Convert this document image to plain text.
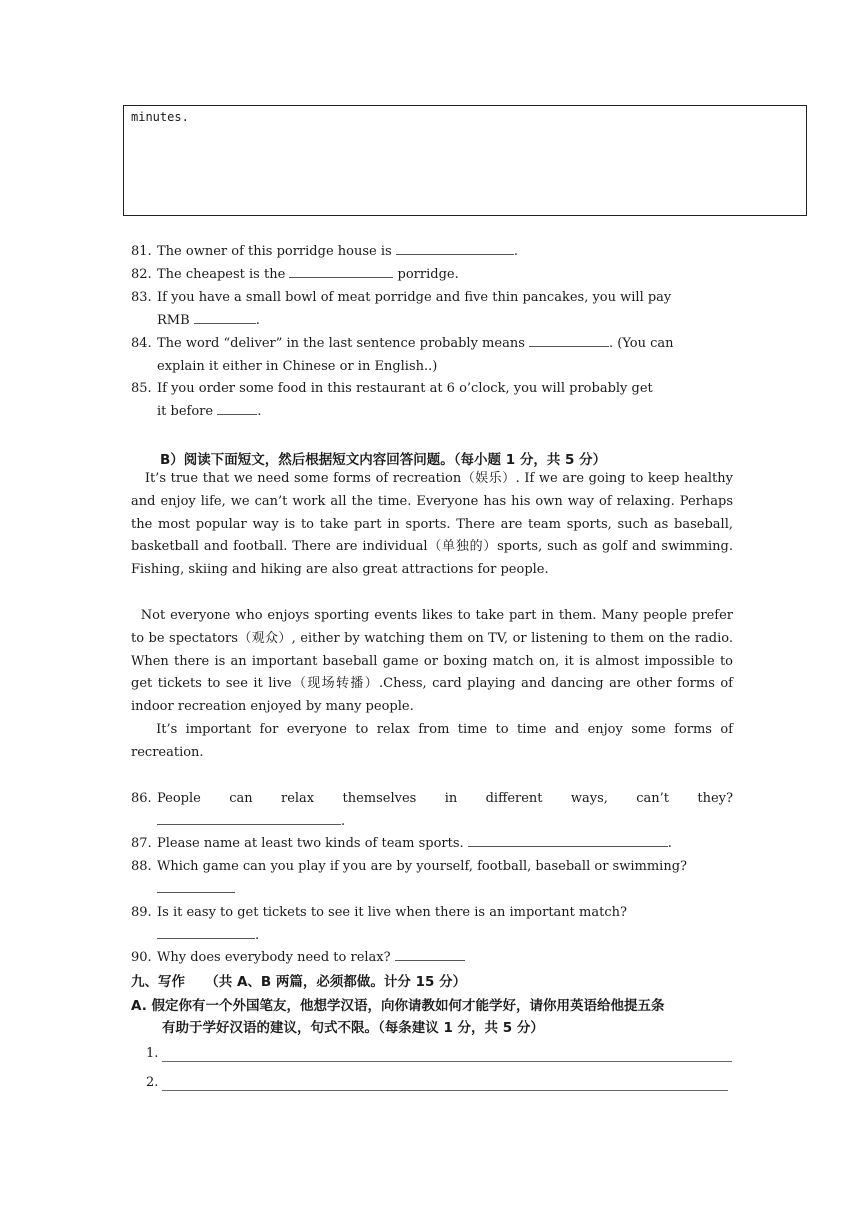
minutes.
81. The owner of this porridge house is	.
82. The cheapest is the	porridge.
83. If you have a small bowl of meat porridge and five thin pancakes, you will pay
RMB	.
84. The word “deliver” in the last sentence probably means	. (You can
explain it either in Chinese or in English..)
85. If you order some food in this restaurant at 6 o’clock, you will probably get
it before	.
B）阅读下面短文，然后根据短文内容回答问题。（每小题 1 分，共 5 分）
It’s true that we need some forms of recreation（娱乐）. If we are going to keep healthy and enjoy life, we can’t work all the time. Everyone has his own way of relaxing. Perhaps the most popular way is to take part in sports. There are team sports, such as baseball, basketball and football. There are individual（单独的）sports, such as golf and swimming. Fishing, skiing and hiking are also great attractions for people.
Not everyone who enjoys sporting events likes to take part in them. Many people prefer to be spectators（观众）, either by watching them on TV, or listening to them on the radio. When there is an important baseball game or boxing match on, it is almost impossible to get tickets to see it live（现场转播）.Chess, card playing and dancing are other forms of indoor recreation enjoyed by many people.
It’s important for everyone to relax from time to time and enjoy some forms of recreation.
86. People can relax themselves in different ways, can’t they?
.
87. Please name at least two kinds of team sports.	.
88. Which game can you play if you are by yourself, football, baseball or swimming?
89. Is it easy to get tickets to see it live when there is an important match?
.
90. Why does everybody need to relax?
九、写作　　（共 A、B 两篇，必须都做。计分 15 分）
A. 假定你有一个外国笔友，他想学汉语，向你请教如何才能学好，请你用英语给他提五条
有助于学好汉语的建议，句式不限。（每条建议 1 分，共 5 分）
1.
2.
